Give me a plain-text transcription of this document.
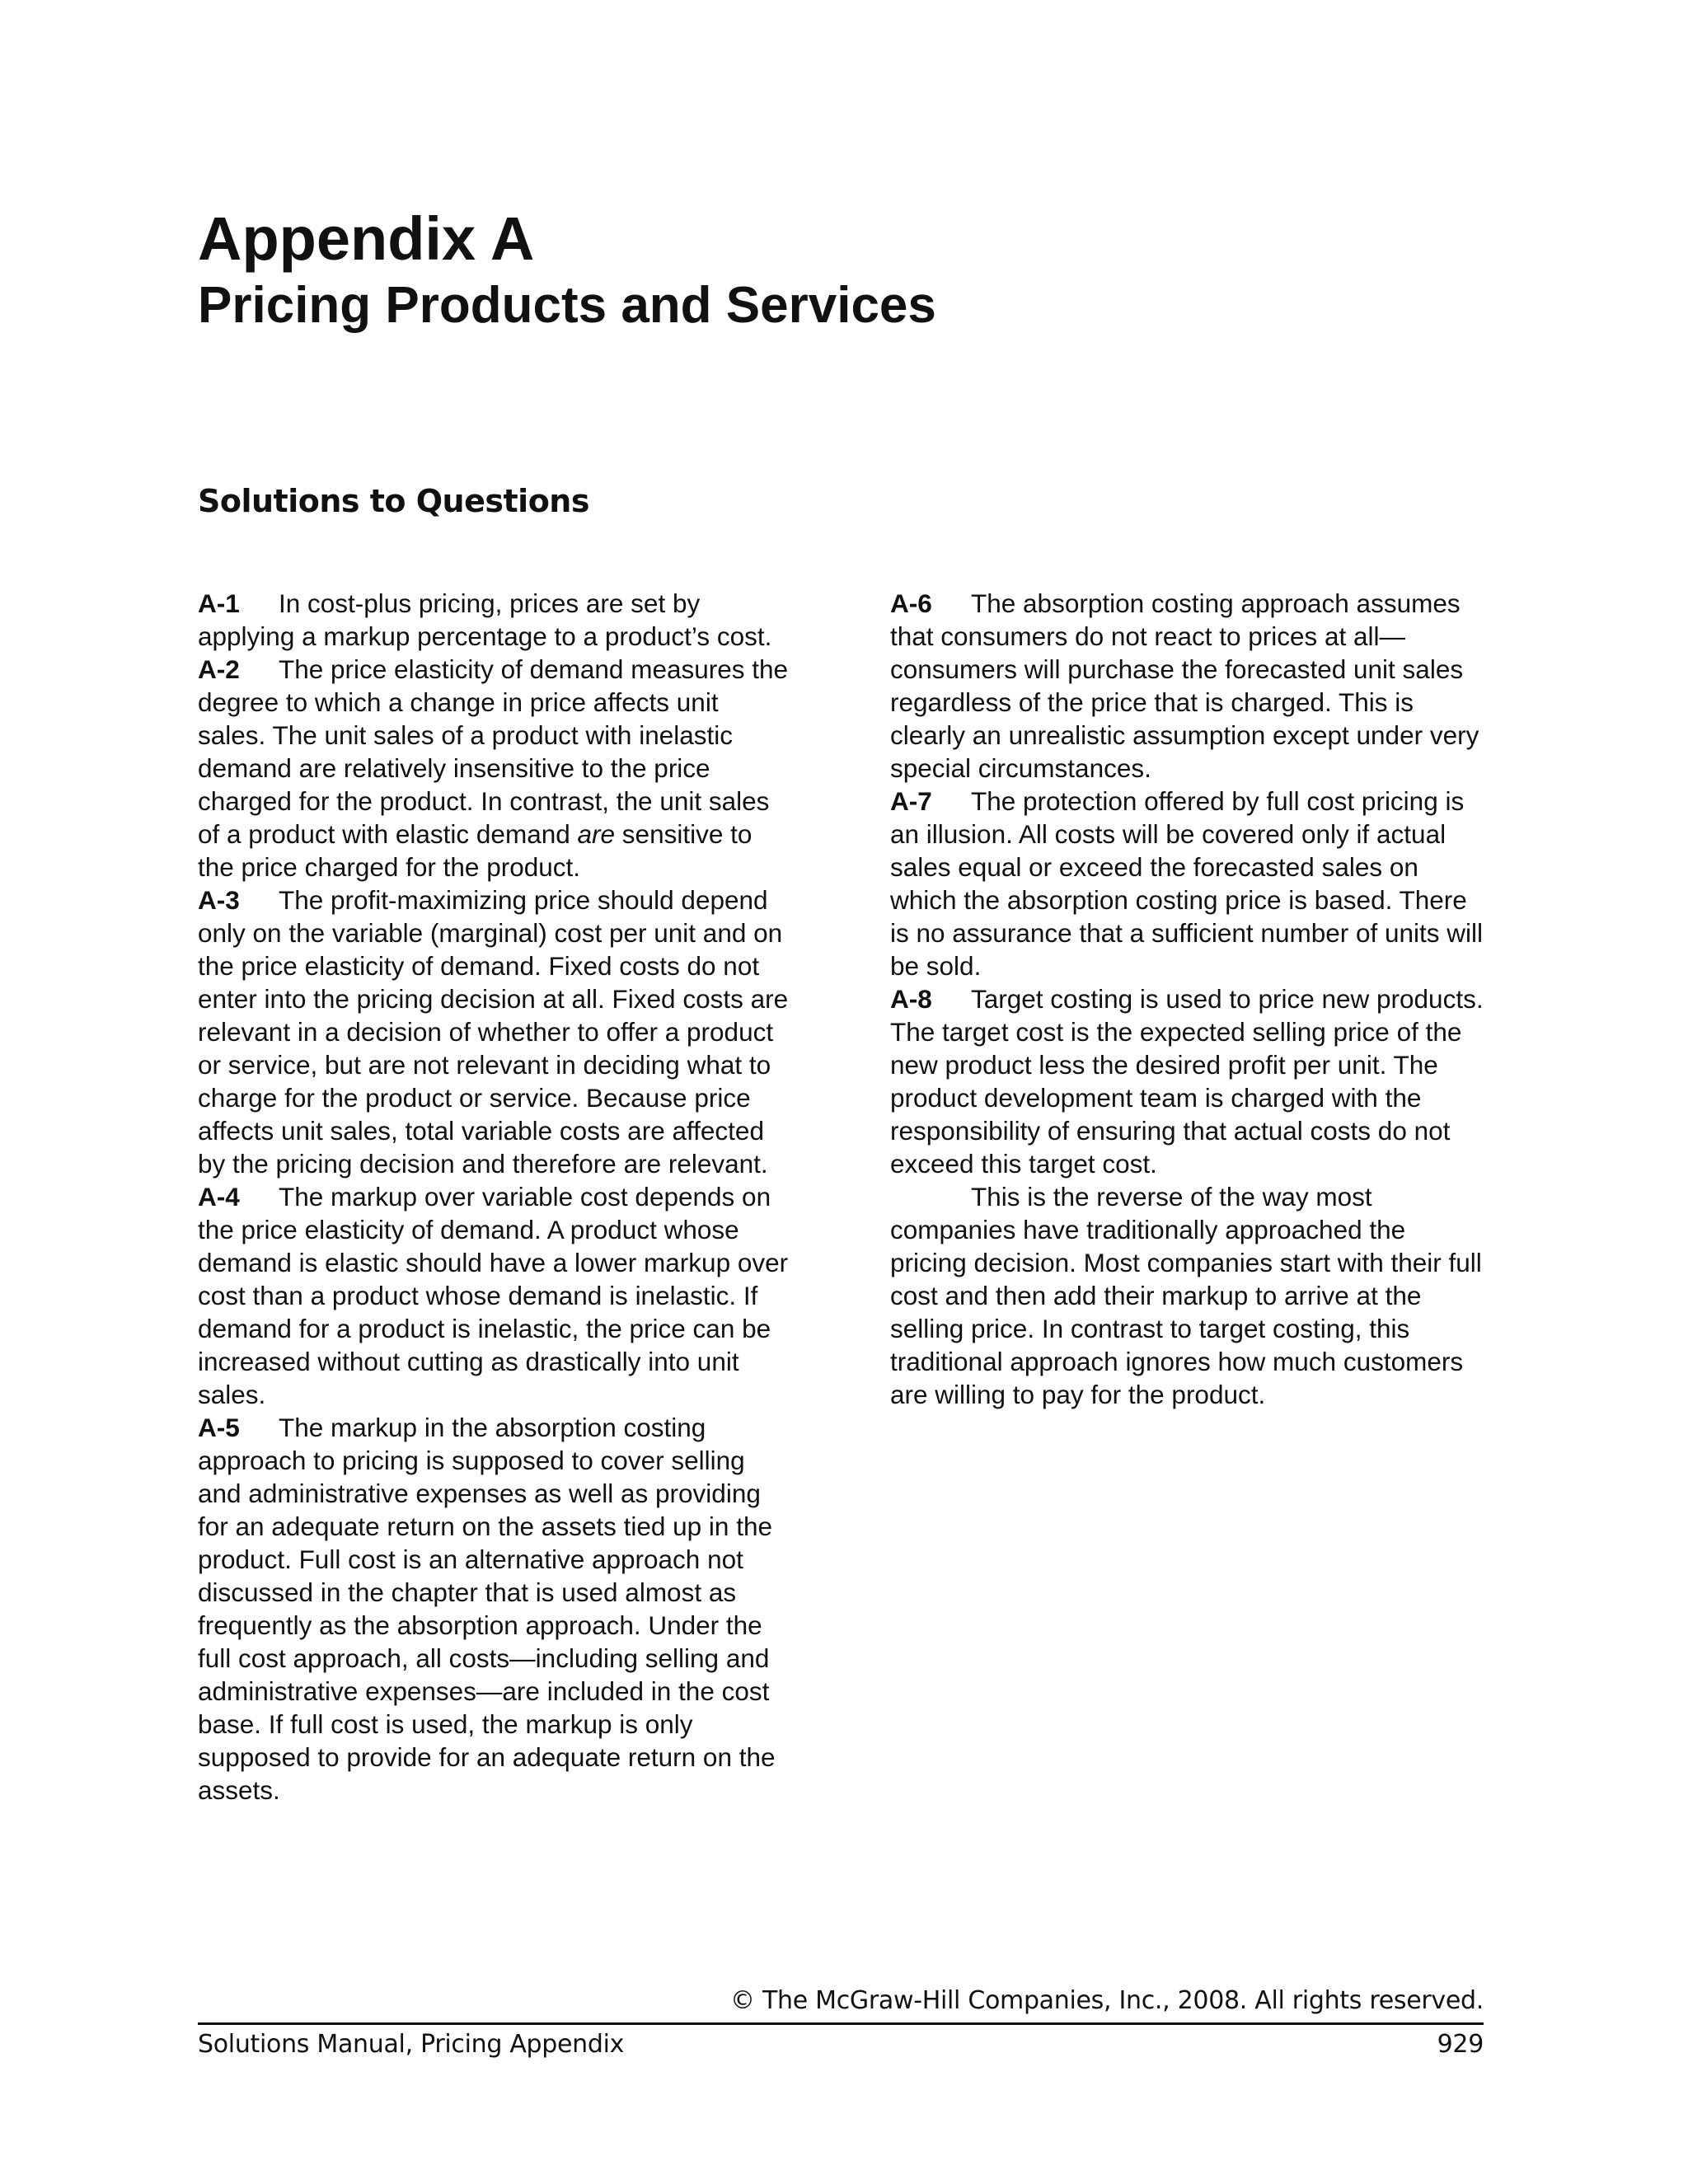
Appendix A
Pricing Products and Services
Solutions to Questions

A-1 In cost-plus pricing, prices are set by applying a markup percentage to a product’s cost.

A-2 The price elasticity of demand measures the degree to which a change in price affects unit sales. The unit sales of a product with inelastic demand are relatively insensitive to the price charged for the product. In contrast, the unit sales of a product with elastic demand are sensitive to the price charged for the product.

A-3 The profit-maximizing price should depend only on the variable (marginal) cost per unit and on the price elasticity of demand. Fixed costs do not enter into the pricing decision at all. Fixed costs are relevant in a decision of whether to offer a product or service, but are not relevant in deciding what to charge for the product or service. Because price affects unit sales, total variable costs are affected by the pricing decision and therefore are relevant.

A-4 The markup over variable cost depends on the price elasticity of demand. A product whose demand is elastic should have a lower markup over cost than a product whose demand is inelastic. If demand for a product is inelastic, the price can be increased without cutting as drastically into unit sales.

A-5 The markup in the absorption costing approach to pricing is supposed to cover selling and administrative expenses as well as providing for an adequate return on the assets tied up in the product. Full cost is an alternative approach not discussed in the chapter that is used almost as frequently as the absorption approach. Under the full cost approach, all costs—including selling and administrative expenses—are included in the cost base. If full cost is used, the markup is only supposed to provide for an adequate return on the assets.

A-6 The absorption costing approach assumes that consumers do not react to prices at all—consumers will purchase the forecasted unit sales regardless of the price that is charged. This is clearly an unrealistic assumption except under very special circumstances.

A-7 The protection offered by full cost pricing is an illusion. All costs will be covered only if actual sales equal or exceed the forecasted sales on which the absorption costing price is based. There is no assurance that a sufficient number of units will be sold.

A-8 Target costing is used to price new products. The target cost is the expected selling price of the new product less the desired profit per unit. The product development team is charged with the responsibility of ensuring that actual costs do not exceed this target cost.

This is the reverse of the way most companies have traditionally approached the pricing decision. Most companies start with their full cost and then add their markup to arrive at the selling price. In contrast to target costing, this traditional approach ignores how much customers are willing to pay for the product.

© The McGraw-Hill Companies, Inc., 2008. All rights reserved.
Solutions Manual, Pricing Appendix	929
